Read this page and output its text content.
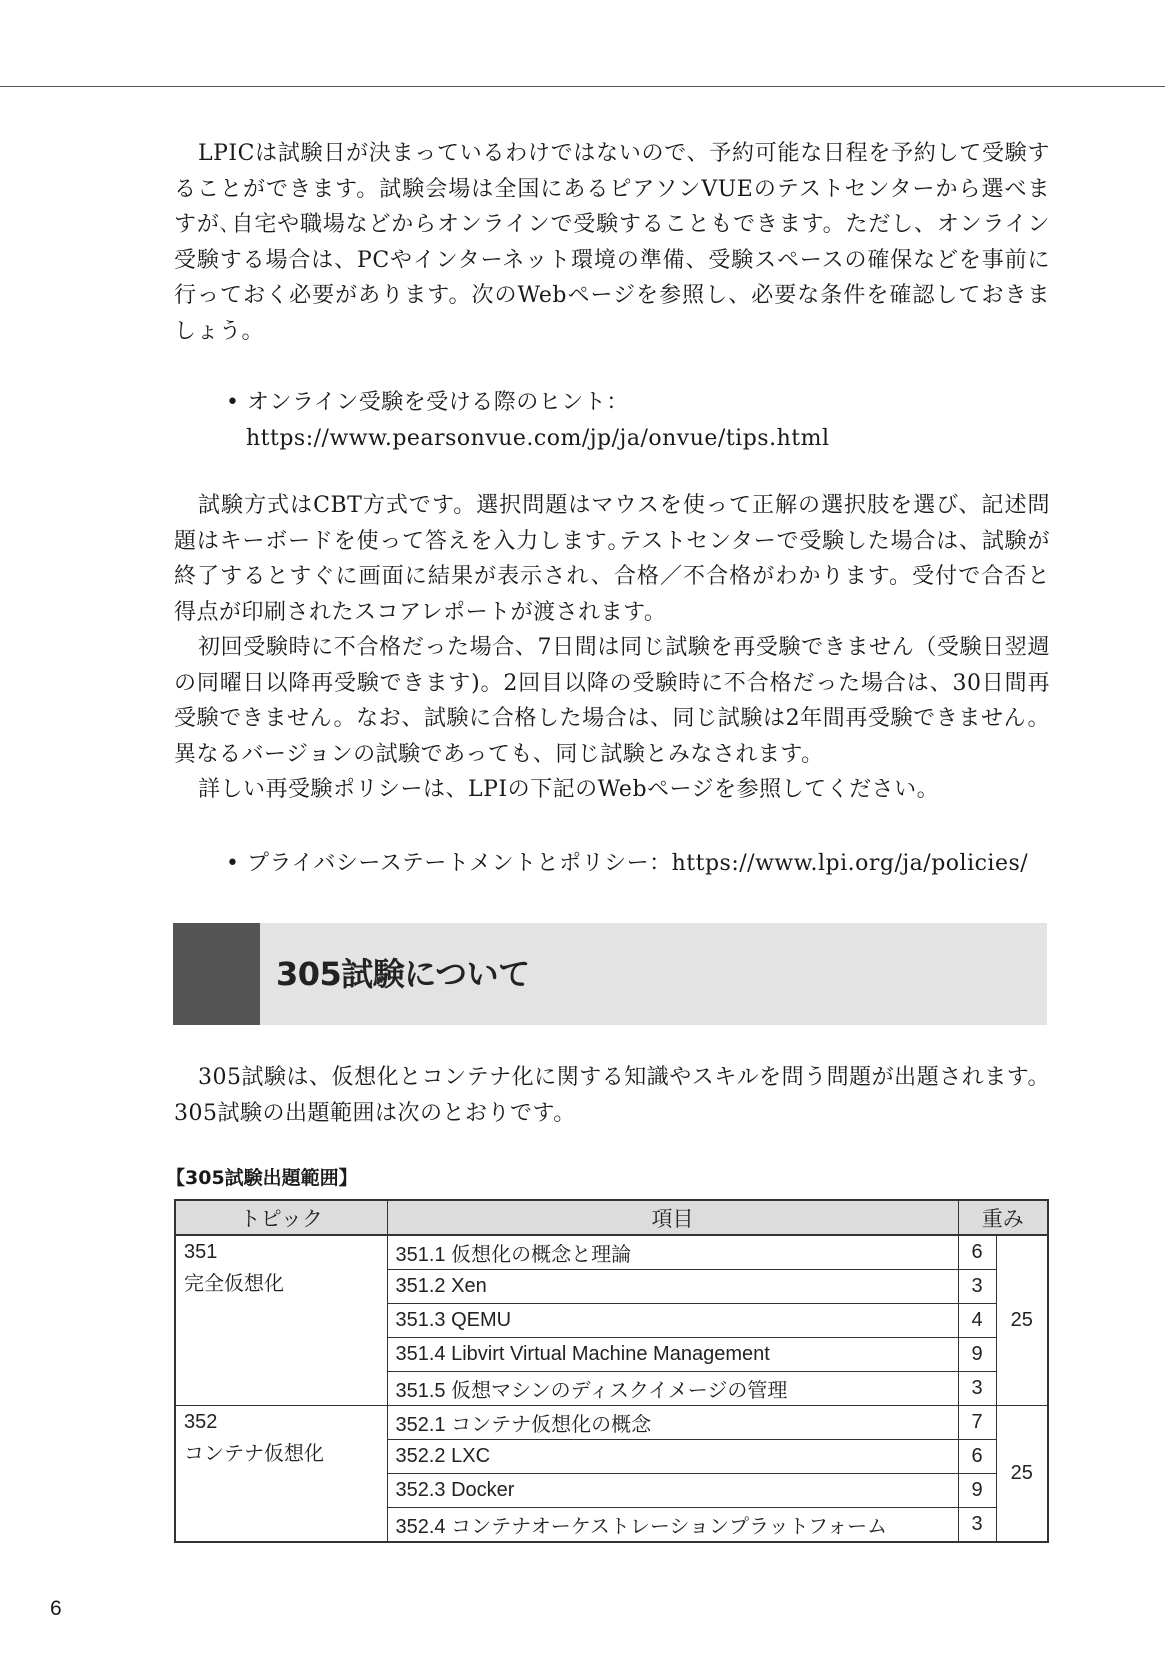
LPICは試験日が決まっているわけではないので、予約可能な日程を予約して受験することができます。試験会場は全国にあるピアソンVUEのテストセンターから選べますが､自宅や職場などからオンラインで受験することもできます。ただし、オンライン受験する場合は、PCやインターネット環境の準備、受験スペースの確保などを事前に行っておく必要があります。次のWebページを参照し、必要な条件を確認しておきましょう。

• オンライン受験を受ける際のヒント：https://www.pearsonvue.com/jp/ja/onvue/tips.html

試験方式はCBT方式です。選択問題はマウスを使って正解の選択肢を選び、記述問題はキーボードを使って答えを入力します｡テストセンターで受験した場合は、試験が終了するとすぐに画面に結果が表示され、合格／不合格がわかります。受付で合否と得点が印刷されたスコアレポートが渡されます。

初回受験時に不合格だった場合、7日間は同じ試験を再受験できません（受験日翌週の同曜日以降再受験できます)。2回目以降の受験時に不合格だった場合は、30日間再受験できません。なお、試験に合格した場合は、同じ試験は2年間再受験できません。異なるバージョンの試験であっても、同じ試験とみなされます。

詳しい再受験ポリシーは、LPIの下記のWebページを参照してください。

• プライバシーステートメントとポリシー：https://www.lpi.org/ja/policies/
305試験について

305試験は、仮想化とコンテナ化に関する知識やスキルを問う問題が出題されます。305試験の出題範囲は次のとおりです。

【305試験出題範囲】
トピック	項目	重み	

351
完全仮想化	351.1 仮想化の概念と理論	6	25
	351.2 Xen	3	
	351.3 QEMU	4	
	351.4 Libvirt Virtual Machine Management	9	
	351.5 仮想マシンのディスクイメージの管理	3	

352
コンテナ仮想化	352.1 コンテナ仮想化の概念	7	25
	352.2 LXC	6	
	352.3 Docker	9	
	352.4 コンテナオーケストレーションプラットフォーム	3	
6
